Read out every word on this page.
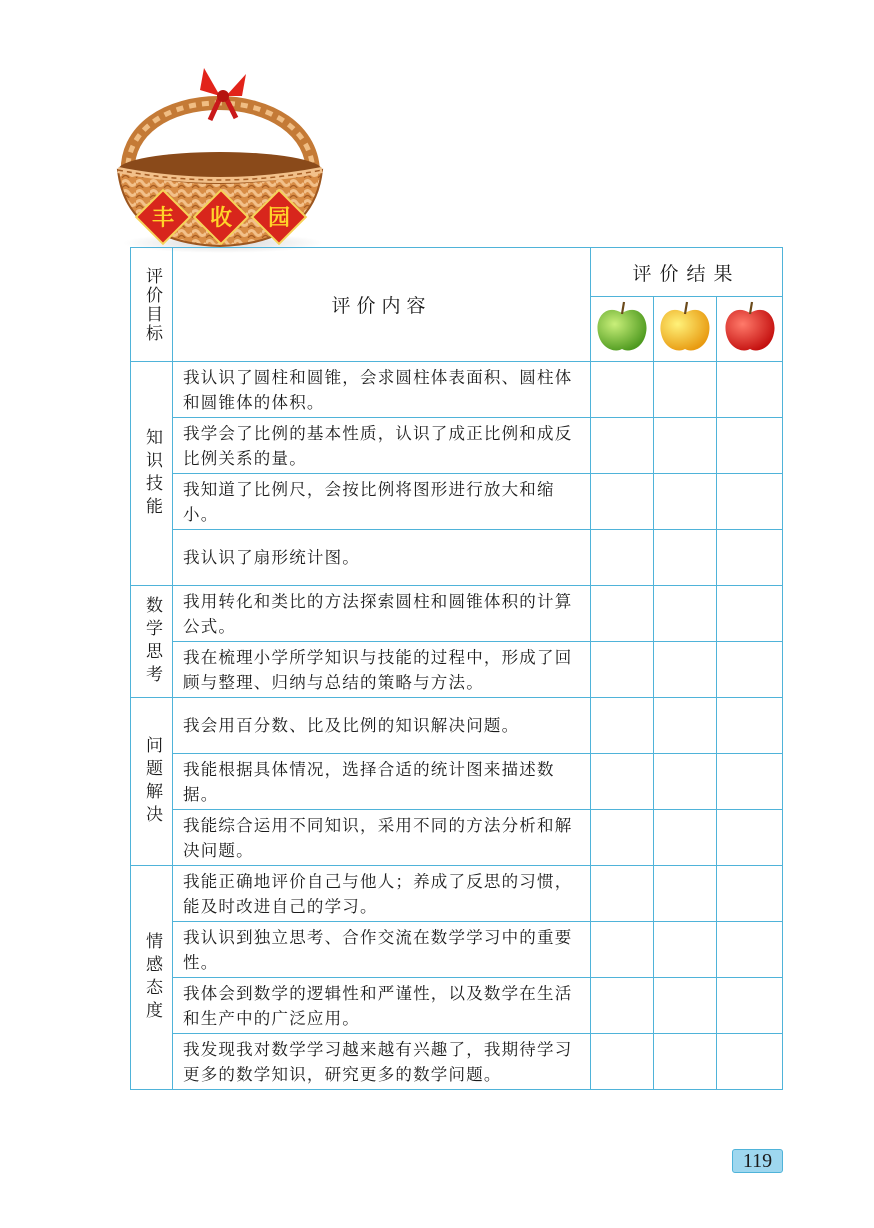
丰 收 园
评价目标	评价内容	评价结果		

知识技能	我认识了圆柱和圆锥，会求圆柱体表面积、圆柱体和圆锥体的体积。			
	我学会了比例的基本性质，认识了成正比例和成反比例关系的量。			
	我知道了比例尺，会按比例将图形进行放大和缩小。			
	我认识了扇形统计图。			
数学思考	我用转化和类比的方法探索圆柱和圆锥体积的计算公式。			
	我在梳理小学所学知识与技能的过程中，形成了回顾与整理、归纳与总结的策略与方法。			
问题解决	我会用百分数、比及比例的知识解决问题。			
	我能根据具体情况，选择合适的统计图来描述数据。			
	我能综合运用不同知识，采用不同的方法分析和解决问题。			
情感态度	我能正确地评价自己与他人；养成了反思的习惯，能及时改进自己的学习。			
	我认识到独立思考、合作交流在数学学习中的重要性。			
	我体会到数学的逻辑性和严谨性，以及数学在生活和生产中的广泛应用。			
	我发现我对数学学习越来越有兴趣了，我期待学习更多的数学知识，研究更多的数学问题。			
119
